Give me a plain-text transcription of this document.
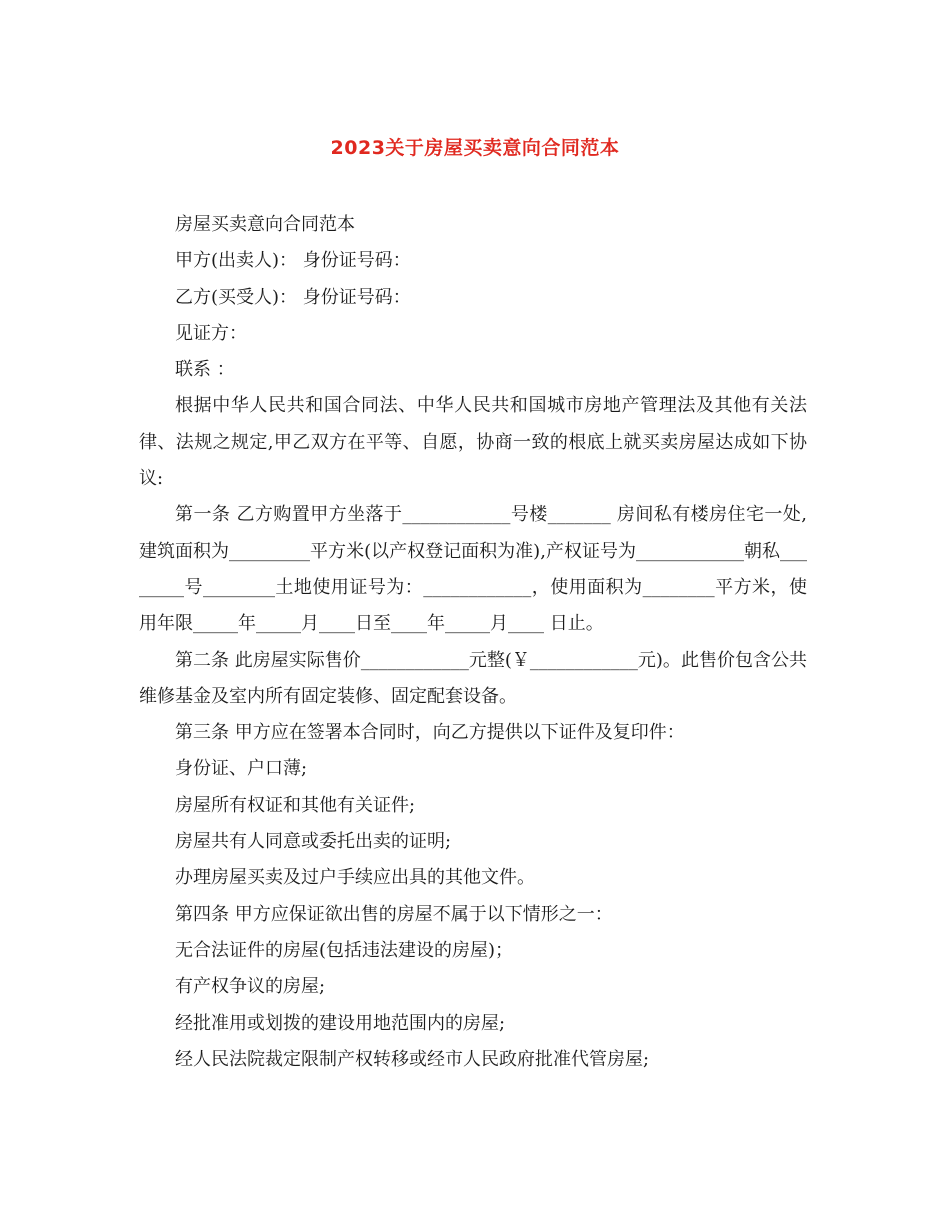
2023关于房屋买卖意向合同范本

房屋买卖意向合同范本

甲方(出卖人)： 身份证号码：

乙方(买受人)： 身份证号码：

见证方：

联系 ：

根据中华人民共和国合同法、中华人民共和国城市房地产管理法及其他有关法律、法规之规定,甲乙双方在平等、自愿，协商一致的根底上就买卖房屋达成如下协议:

第一条 乙方购置甲方坐落于____________号楼_______ 房间私有楼房住宅一处,建筑面积为_________平方米(以产权登记面积为准),产权证号为____________朝私________号________土地使用证号为：____________，使用面积为________平方米，使用年限_____年_____月____日至____年_____月____ 日止。

第二条 此房屋实际售价____________元整(￥____________元)。此售价包含公共维修基金及室内所有固定装修、固定配套设备。

第三条 甲方应在签署本合同时，向乙方提供以下证件及复印件：

身份证、户口薄;

房屋所有权证和其他有关证件;

房屋共有人同意或委托出卖的证明;

办理房屋买卖及过户手续应出具的其他文件。

第四条 甲方应保证欲出售的房屋不属于以下情形之一：

无合法证件的房屋(包括违法建设的房屋)；

有产权争议的房屋;

经批准用或划拨的建设用地范围内的房屋;

经人民法院裁定限制产权转移或经市人民政府批准代管房屋;
